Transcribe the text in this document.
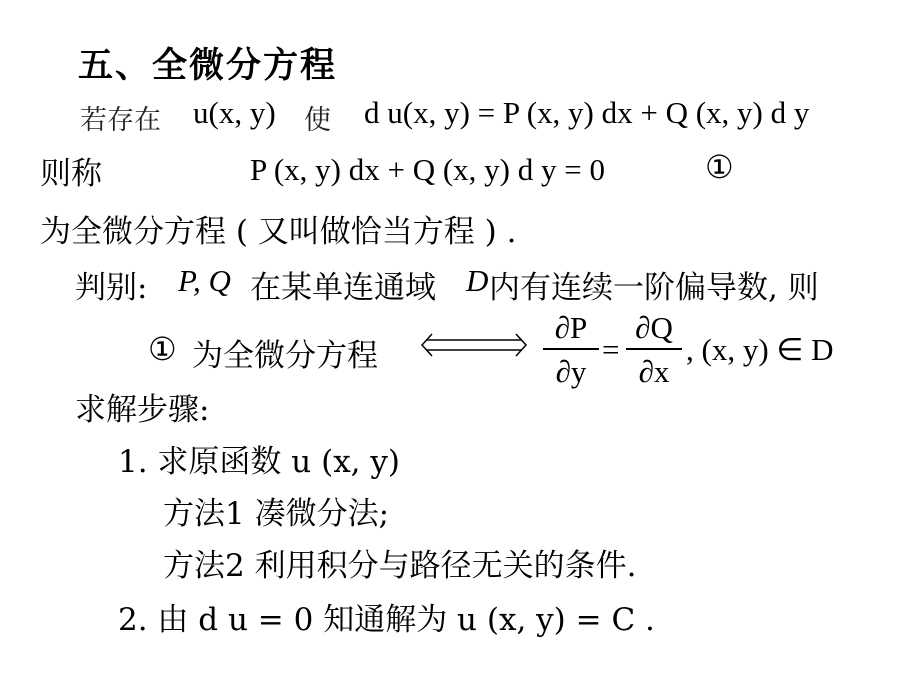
五、全微分方程
若存在 u(x, y) 使 d u(x, y) = P (x, y) dx + Q (x, y) d y
则称	P (x, y) dx + Q (x, y) d y = 0	①
为全微分方程 ( 又叫做恰当方程 ) .
判别: P, Q 在某单连通域 D 内有连续一阶偏导数, 则
① 为全微分方程
∂P
∂y
=
∂Q
∂x
, (x, y) ∈ D
求解步骤:
1. 求原函数 u (x, y)
方法1 凑微分法;
方法2 利用积分与路径无关的条件.
2. 由 d u = 0 知通解为 u (x, y) = C .
